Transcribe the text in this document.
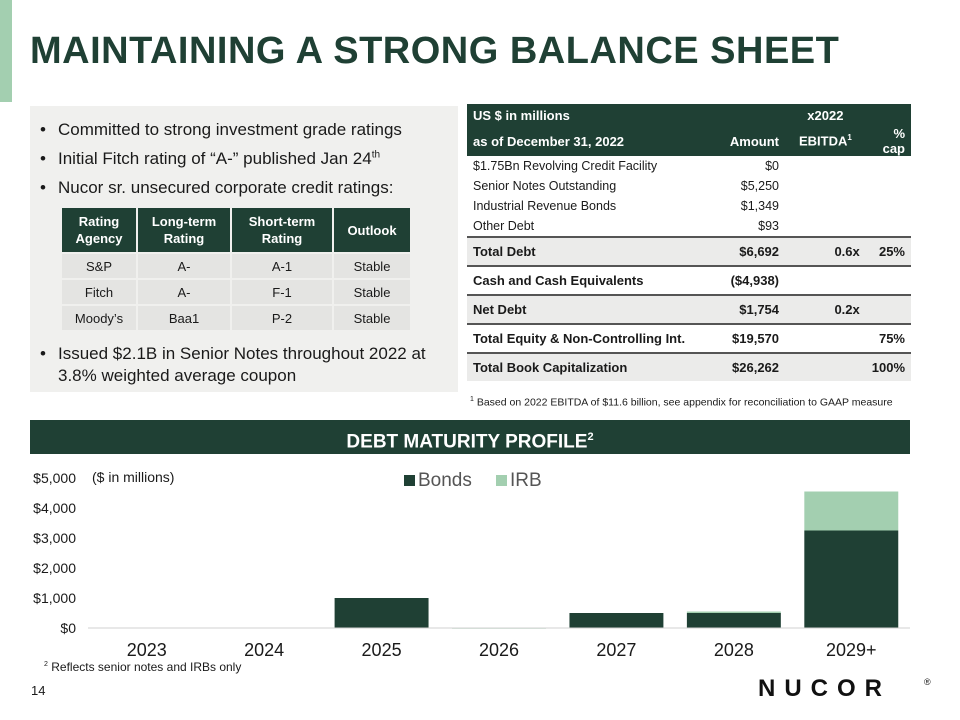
MAINTAINING A STRONG BALANCE SHEET
• Committed to strong investment grade ratings
• Initial Fitch rating of “A-” published Jan 24th
• Nucor sr. unsecured corporate credit ratings:
Rating Agency	Long-term Rating	Short-term Rating	Outlook
S&P	A-	A-1	Stable
Fitch	A-	F-1	Stable
Moody’s	Baa1	P-2	Stable
• Issued $2.1B in Senior Notes throughout 2022 at
3.8% weighted average coupon
US $ in millions		x2022	
as of December 31, 2022	Amount	EBITDA$^1$	% cap
$1.75Bn Revolving Credit Facility	$0		
Senior Notes Outstanding	$5,250		
Industrial Revenue Bonds	$1,349		
Other Debt	$93		
Total Debt	$6,692	0.6x	25%
Cash and Cash Equivalents	($4,938)		
Net Debt	$1,754	0.2x	
Total Equity & Non-Controlling Int.	$19,570		75%
Total Book Capitalization	$26,262		100%
$^1$ Based on 2022 EBITDA of $11.6 billion, see appendix for reconciliation to GAAP measure
DEBT MATURITY PROFILE$^2$
$0
$1,000
$2,000
$3,000
$4,000
$5,000
2023	2024	2025	2026	2027	2028	2029+
($ in millions)	Bonds IRB
$^2$ Reflects senior notes and IRBs only
14	NUCOR	®
